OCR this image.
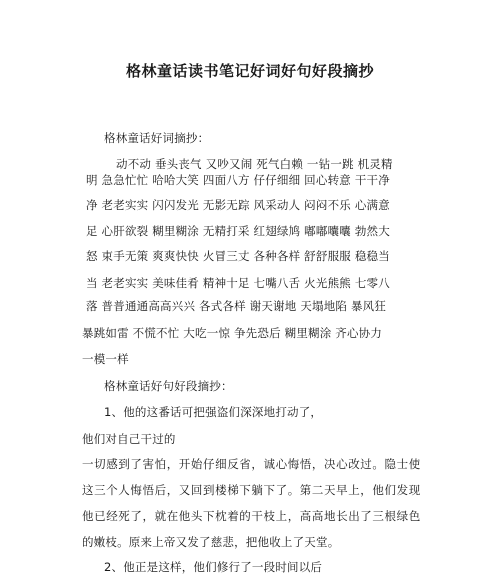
格林童话读书笔记好词好句好段摘抄
格林童话好词摘抄：
动不动 垂头丧气 又吵又闹 死气白赖 一钻一跳 机灵精
明 急急忙忙 哈哈大笑 四面八方 仔仔细细 回心转意 干干净
净 老老实实 闪闪发光 无影无踪 风采动人 闷闷不乐 心满意
足 心肝欲裂 糊里糊涂 无精打采 红翅绿鸠 嘟嘟囔囔 勃然大
怒 束手无策 爽爽快快 火冒三丈 各种各样 舒舒服服 稳稳当
当 老老实实 美味佳肴 精神十足 七嘴八舌 火光熊熊 七零八
落 普普通通高高兴兴 各式各样 谢天谢地 天塌地陷 暴风狂
暴跳如雷 不慌不忙 大吃一惊 争先恐后 糊里糊涂 齐心协力
一模一样
格林童话好句好段摘抄：
1、他的这番话可把强盗们深深地打动了，
他们对自己干过的
一切感到了害怕，开始仔细反省，诚心悔悟，决心改过。隐士使
这三个人悔悟后，又回到楼梯下躺下了。第二天早上，他们发现
他已经死了，就在他头下枕着的干枝上，高高地长出了三根绿色
的嫩枝。原来上帝又发了慈悲，把他收上了天堂。
2、他正是这样，他们修行了一段时间以后
